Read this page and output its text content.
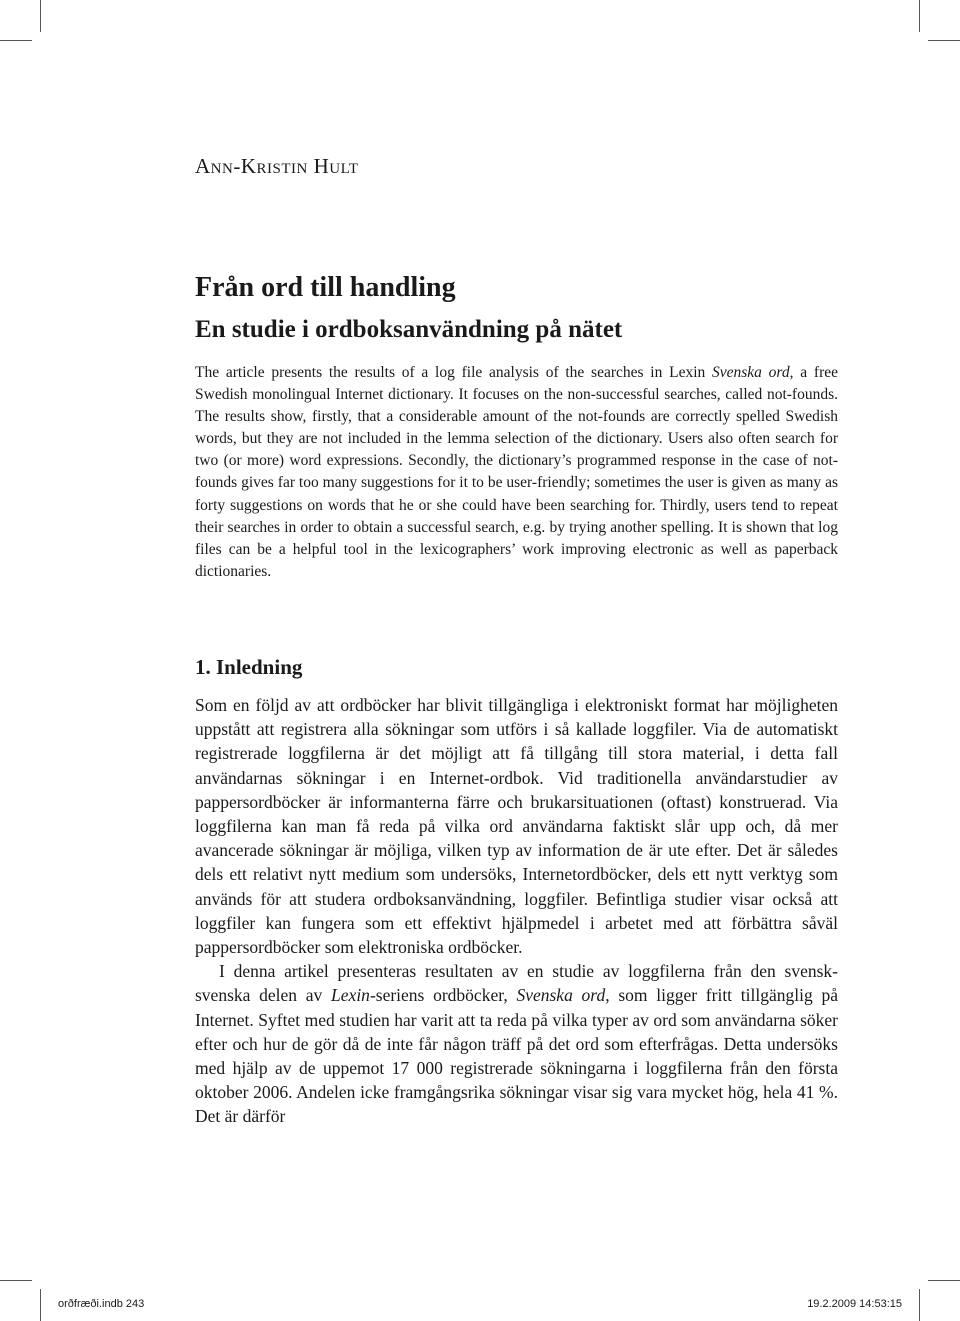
Ann-Kristin Hult
Från ord till handling
En studie i ordboksanvändning på nätet

The article presents the results of a log file analysis of the searches in Lexin Svenska ord, a free Swedish monolingual Internet dictionary. It focuses on the non-successful searches, called not-founds. The results show, firstly, that a considerable amount of the not-founds are correctly spelled Swedish words, but they are not included in the lemma selection of the dictionary. Users also often search for two (or more) word expressions. Secondly, the dictionary’s programmed response in the case of not-founds gives far too many suggestions for it to be user-friendly; sometimes the user is given as many as forty suggestions on words that he or she could have been searching for. Thirdly, users tend to repeat their searches in order to obtain a successful search, e.g. by trying another spelling. It is shown that log files can be a helpful tool in the lexicographers’ work improving electronic as well as paperback dictionaries.

1. Inledning

Som en följd av att ordböcker har blivit tillgängliga i elektroniskt format har möjligheten uppstått att registrera alla sökningar som utförs i så kallade loggfiler. Via de automatiskt registrerade loggfilerna är det möjligt att få tillgång till stora material, i detta fall användarnas sökningar i en Internet-ordbok. Vid traditionella användarstudier av pappersordböcker är informanterna färre och brukarsituationen (oftast) konstruerad. Via loggfilerna kan man få reda på vilka ord användarna faktiskt slår upp och, då mer avancerade sökningar är möjliga, vilken typ av information de är ute efter. Det är således dels ett relativt nytt medium som undersöks, Internetordböcker, dels ett nytt verktyg som används för att studera ordboksanvändning, loggfiler. Befintliga studier visar också att loggfiler kan fungera som ett effektivt hjälpmedel i arbetet med att förbättra såväl pappersordböcker som elektroniska ordböcker.

I denna artikel presenteras resultaten av en studie av loggfilerna från den svensk-svenska delen av Lexin-seriens ordböcker, Svenska ord, som ligger fritt tillgänglig på Internet. Syftet med studien har varit att ta reda på vilka typer av ord som användarna söker efter och hur de gör då de inte får någon träff på det ord som efterfrågas. Detta undersöks med hjälp av de uppemot 17 000 registrerade sökningarna i loggfilerna från den första oktober 2006. Andelen icke framgångsrika sökningar visar sig vara mycket hög, hela 41 %. Det är därför

orðfræði.indb 243	19.2.2009 14:53:15
